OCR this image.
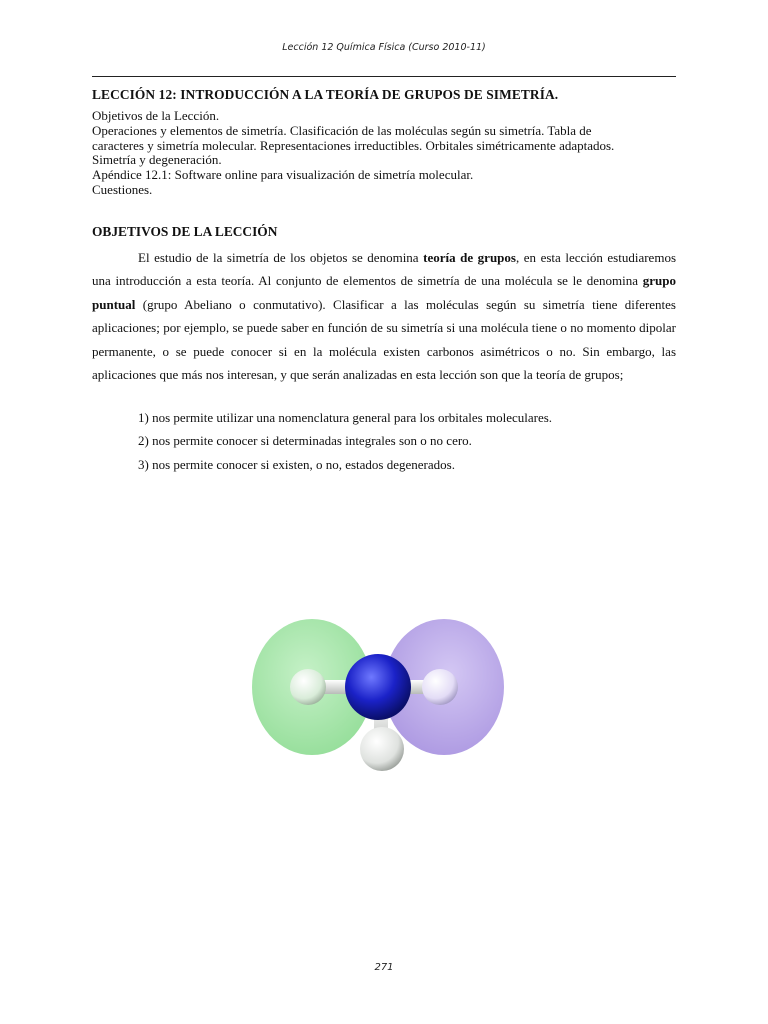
Lección 12 Química Física (Curso 2010-11)
LECCIÓN 12: INTRODUCCIÓN A LA TEORÍA DE GRUPOS DE SIMETRÍA.
Objetivos de la Lección.
Operaciones y elementos de simetría. Clasificación de las moléculas según su simetría. Tabla de
caracteres y simetría molecular. Representaciones irreductibles. Orbitales simétricamente adaptados.
Simetría y degeneración.
Apéndice 12.1: Software online para visualización de simetría molecular.
Cuestiones.
OBJETIVOS DE LA LECCIÓN

El estudio de la simetría de los objetos se denomina teoría de grupos, en esta lección estudiaremos una introducción a esta teoría. Al conjunto de elementos de simetría de una molécula se le denomina grupo puntual (grupo Abeliano o conmutativo). Clasificar a las moléculas según su simetría tiene diferentes aplicaciones; por ejemplo, se puede saber en función de su simetría si una molécula tiene o no momento dipolar permanente, o se puede conocer si en la molécula existen carbonos asimétricos o no. Sin embargo, las aplicaciones que más nos interesan, y que serán analizadas en esta lección son que la teoría de grupos;

1) nos permite utilizar una nomenclatura general para los orbitales moleculares.
2) nos permite conocer si determinadas integrales son o no cero.
3) nos permite conocer si existen, o no, estados degenerados.
271
